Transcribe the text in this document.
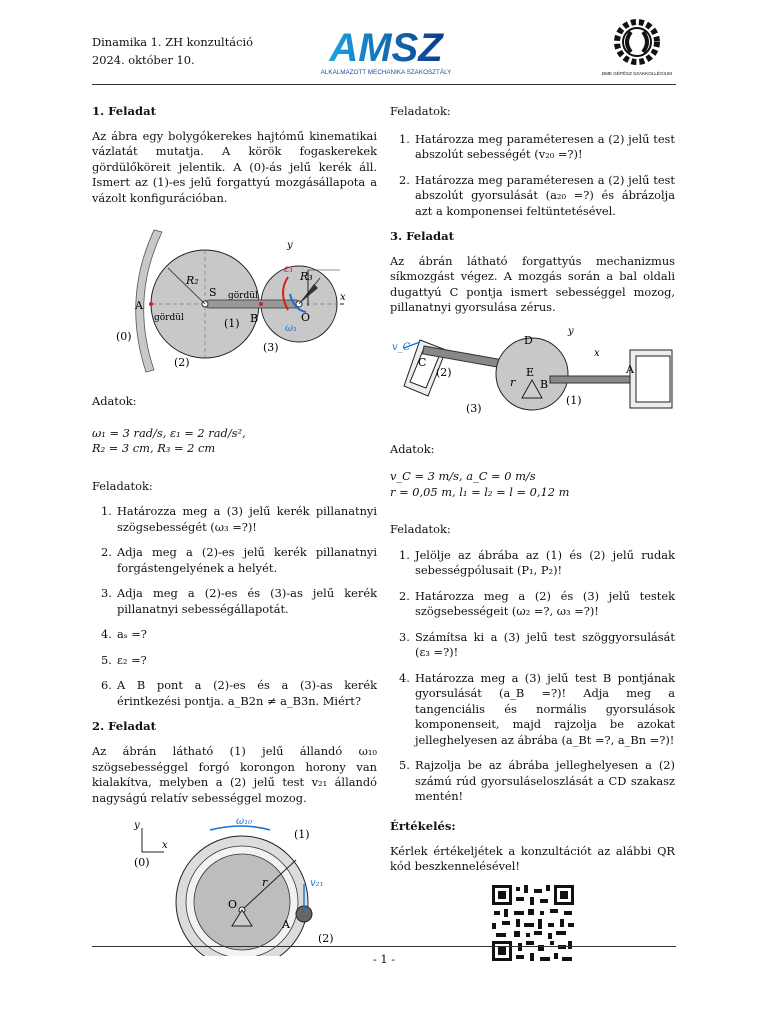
Dinamika 1. ZH konzultáció
2024. október 10.	AMSZ
ALKALMAZOTT MECHANIKA SZAKOSZTÁLY	BME GÉPÉSZ SZAKKOLLÉGIUM
1. Feladat

Az ábra egy bolygókerekes hajtómű kinematikai vázlatát mutatja. A körök fogaskerekek gördülőköreit jelentik. A (0)-ás jelű kerék áll. Ismert az (1)-es jelű forgattyú mozgásállapota a vázolt konfigurációban.

A
R₂
S gördül
gördül	B	O
R₃
ε₁
ω₁
y
x
(0)
(1)
(2)
(3)

Adatok:

ω₁ = 3 rad/s, ε₁ = 2 rad/s²,
R₂ = 3 cm, R₃ = 2 cm

Feladatok:

1. Határozza meg a (3) jelű kerék pillanatnyi szögsebességét (ω₃ =?)!
2. Adja meg a (2)-es jelű kerék pillanatnyi forgástengelyének a helyét.
3. Adja meg a (2)-es és (3)-as jelű kerék pillanatnyi sebességállapotát.
4. aₛ =?
5. ε₂ =?
6. A B pont a (2)-es és a (3)-as kerék érintkezési pontja. a_B2n ≠ a_B3n. Miért?
2. Feladat

Az ábrán látható (1) jelű állandó ω₁₀ szögsebességgel forgó korongon horony van kialakítva, melyben a (2) jelű test v₂₁ állandó nagyságú relatív sebességgel mozog.

y
x
(0)
ω₁₀
(1)
r
O
v₂₁
A
(2)

Feladatok:

1. Határozza meg paraméteresen a (2) jelű test abszolút sebességét (v₂₀ =?)!
2. Határozza meg paraméteresen a (2) jelű test abszolút gyorsulását (a₂₀ =?) és ábrázolja azt a komponensei feltüntetésével.
3. Feladat

Az ábrán látható forgattyús mechanizmus síkmozgást végez. A mozgás során a bal oldali dugattyú C pontja ismert sebességgel mozog, pillanatnyi gyorsulása zérus.

v_C
D
C
E
r B
A
y
x
(1)
(2)
(3)

Adatok:

v_C = 3 m/s, a_C = 0 m/s
r = 0,05 m, l₁ = l₂ = l = 0,12 m

Feladatok:

1. Jelölje az ábrába az (1) és (2) jelű rudak sebességpólusait (P₁, P₂)!
2. Határozza meg a (2) és (3) jelű testek szögsebességeit (ω₂ =?, ω₃ =?)!
3. Számítsa ki a (3) jelű test szöggyorsulását (ε₃ =?)!
4. Határozza meg a (3) jelű test B pontjának gyorsulását (a_B =?)! Adja meg a tangenciális és normális gyorsulások komponenseit, majd rajzolja be azokat jelleghelyesen az ábrába (a_Bt =?, a_Bn =?)!
5. Rajzolja be az ábrába jelleghelyesen a (2) számú rúd gyorsuláseloszlását a CD szakasz mentén!
Értékelés:

Kérlek értékeljétek a konzultációt az alábbi QR kód beszkennelésével!

- 1 -
